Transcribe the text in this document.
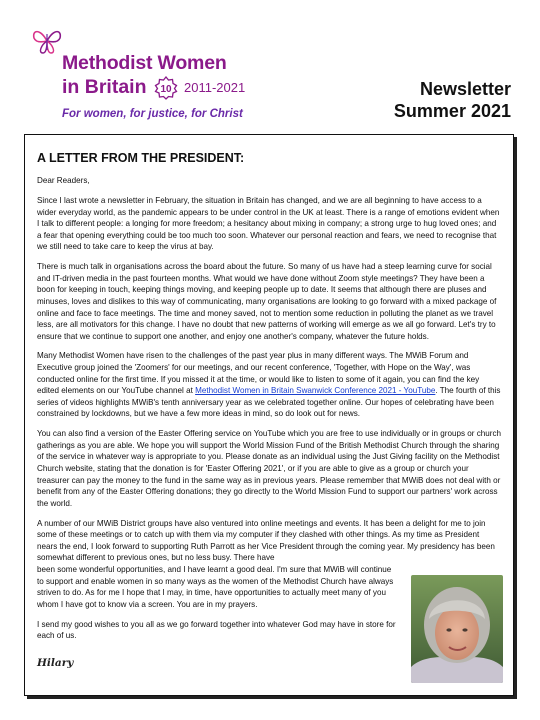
Methodist Women
in Britain 10 2011-2021
For women, for justice, for Christ
Newsletter
Summer 2021
A LETTER FROM THE PRESIDENT:

Dear Readers,

Since I last wrote a newsletter in February, the situation in Britain has changed, and we are all beginning to have access to a wider everyday world, as the pandemic appears to be under control in the UK at least. There is a range of emotions evident when I talk to different people: a longing for more freedom; a hesitancy about mixing in company; a strong urge to hug loved ones; and a fear that opening everything could be too much too soon. Whatever our personal reaction and fears, we need to recognise that we still need to take care to keep the virus at bay.

There is much talk in organisations across the board about the future. So many of us have had a steep learning curve for social and IT-driven media in the past fourteen months. What would we have done without Zoom style meetings? They have been a boon for keeping in touch, keeping things moving, and keeping people up to date. It seems that although there are pluses and minuses, loves and dislikes to this way of communicating, many organisations are looking to go forward with a mixed package of online and face to face meetings. The time and money saved, not to mention some reduction in polluting the planet as we travel less, are all motivators for this change. I have no doubt that new patterns of working will emerge as we all go forward. Let's try to ensure that we continue to support one another, and enjoy one another's company, whatever the future holds.

Many Methodist Women have risen to the challenges of the past year plus in many different ways. The MWiB Forum and Executive group joined the 'Zoomers' for our meetings, and our recent conference, 'Together, with Hope on the Way', was conducted online for the first time. If you missed it at the time, or would like to listen to some of it again, you can find the key edited elements on our YouTube channel at Methodist Women in Britain Swanwick Conference 2021 - YouTube. The fourth of this series of videos highlights MWiB's tenth anniversary year as we celebrated together online. Our hopes of celebrating have been constrained by lockdowns, but we have a few more ideas in mind, so do look out for news.

You can also find a version of the Easter Offering service on YouTube which you are free to use individually or in groups or church gatherings as you are able. We hope you will support the World Mission Fund of the British Methodist Church through the sharing of the service in whatever way is appropriate to you. Please donate as an individual using the Just Giving facility on the Methodist Church website, stating that the donation is for 'Easter Offering 2021', or if you are able to give as a group or church your treasurer can pay the money to the fund in the same way as in previous years. Please remember that MWiB does not deal with or benefit from any of the Easter Offering donations; they go directly to the World Mission Fund to support our partners' work across the world.

A number of our MWiB District groups have also ventured into online meetings and events. It has been a delight for me to join some of these meetings or to catch up with them via my computer if they clashed with other things. As my time as President nears the end, I look forward to supporting Ruth Parrott as her Vice President through the coming year. My presidency has been somewhat different to previous ones, but no less busy. There have

been some wonderful opportunities, and I have learnt a good deal. I'm sure that MWiB will continue to support and enable women in so many ways as the women of the Methodist Church have always striven to do. As for me I hope that I may, in time, have opportunities to actually meet many of you whom I have got to know via a screen. You are in my prayers.

I send my good wishes to you all as we go forward together into whatever God may have in store for each of us.

Hilary
